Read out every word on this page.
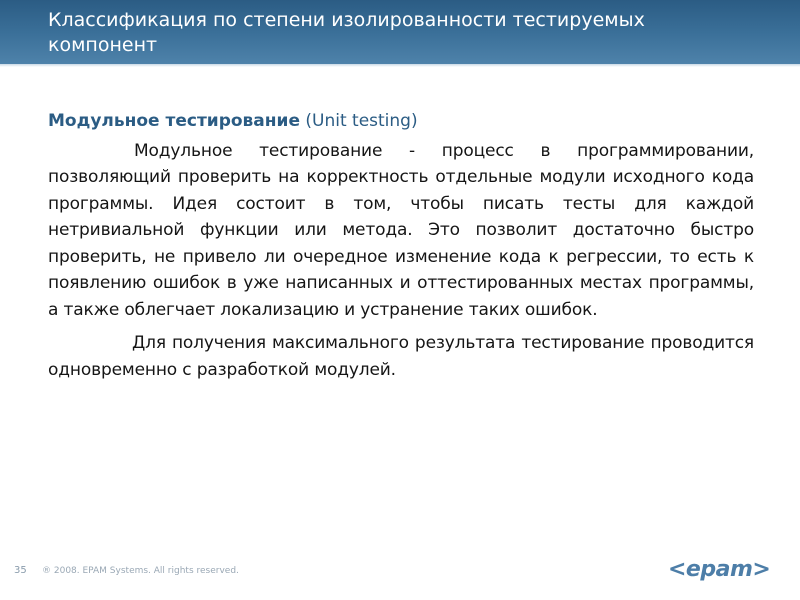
Классификация по степени изолированности тестируемых компонент
Модульное тестирование (Unit testing)

Модульное тестирование - процесс в программировании, позволяющий проверить на корректность отдельные модули исходного кода программы. Идея состоит в том, чтобы писать тесты для каждой нетривиальной функции или метода. Это позволит достаточно быстро проверить, не привело ли очередное изменение кода к регрессии, то есть к появлению ошибок в уже написанных и оттестированных местах программы, а также облегчает локализацию и устранение таких ошибок.

Для получения максимального результата тестирование проводится одновременно с разработкой модулей.

35 ® 2008. EPAM Systems. All rights reserved.	<epam>
